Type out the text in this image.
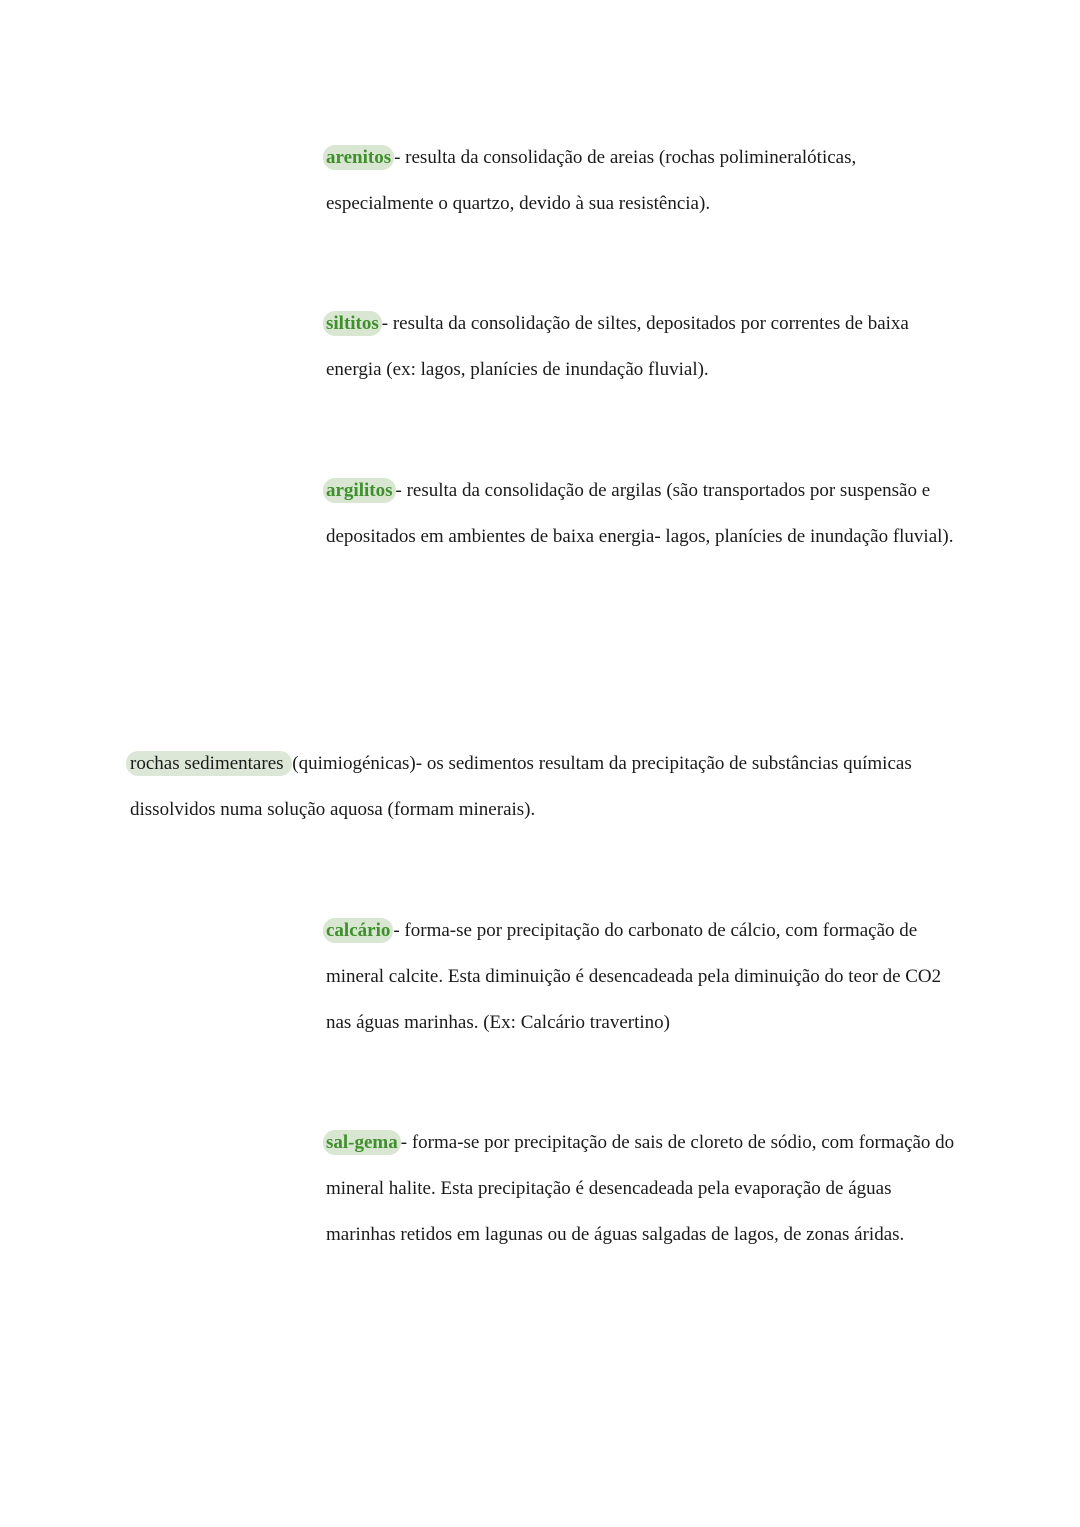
arenitos - resulta da consolidação de areias (rochas polimineralóticas, especialmente o quartzo, devido à sua resistência).

siltitos - resulta da consolidação de siltes, depositados por correntes de baixa energia (ex: lagos, planícies de inundação fluvial).

argilitos - resulta da consolidação de argilas (são transportados por suspensão e depositados em ambientes de baixa energia- lagos, planícies de inundação fluvial).

rochas sedimentares (quimiogénicas)- os sedimentos resultam da precipitação de substâncias químicas dissolvidos numa solução aquosa (formam minerais).

calcário - forma-se por precipitação do carbonato de cálcio, com formação de mineral calcite. Esta diminuição é desencadeada pela diminuição do teor de CO2 nas águas marinhas. (Ex: Calcário travertino)

sal-gema - forma-se por precipitação de sais de cloreto de sódio, com formação do mineral halite. Esta precipitação é desencadeada pela evaporação de águas marinhas retidos em lagunas ou de águas salgadas de lagos, de zonas áridas.
